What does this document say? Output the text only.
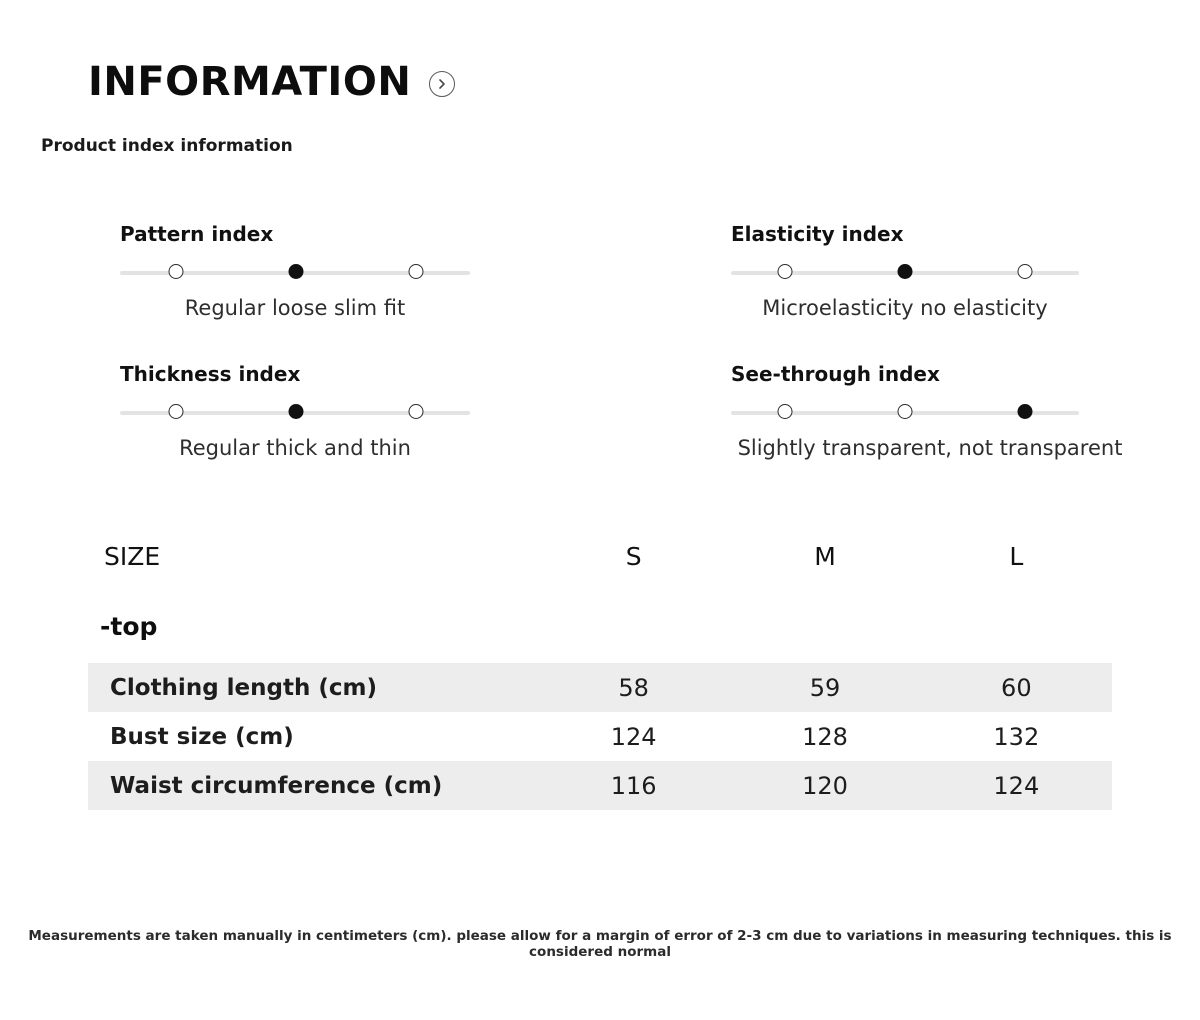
INFORMATION
Product index information
Pattern index
Regular loose slim fit
Elasticity index
Microelasticity no elasticity
Thickness index
Regular thick and thin
See-through index
Slightly transparent, not transparent
SIZE	S	M	L
-top
Clothing length (cm)	58	59	60
Bust size (cm)	124	128	132
Waist circumference (cm)	116	120	124
Measurements are taken manually in centimeters (cm). please allow for a margin of error of 2-3 cm due to variations in measuring techniques. this is considered normal
